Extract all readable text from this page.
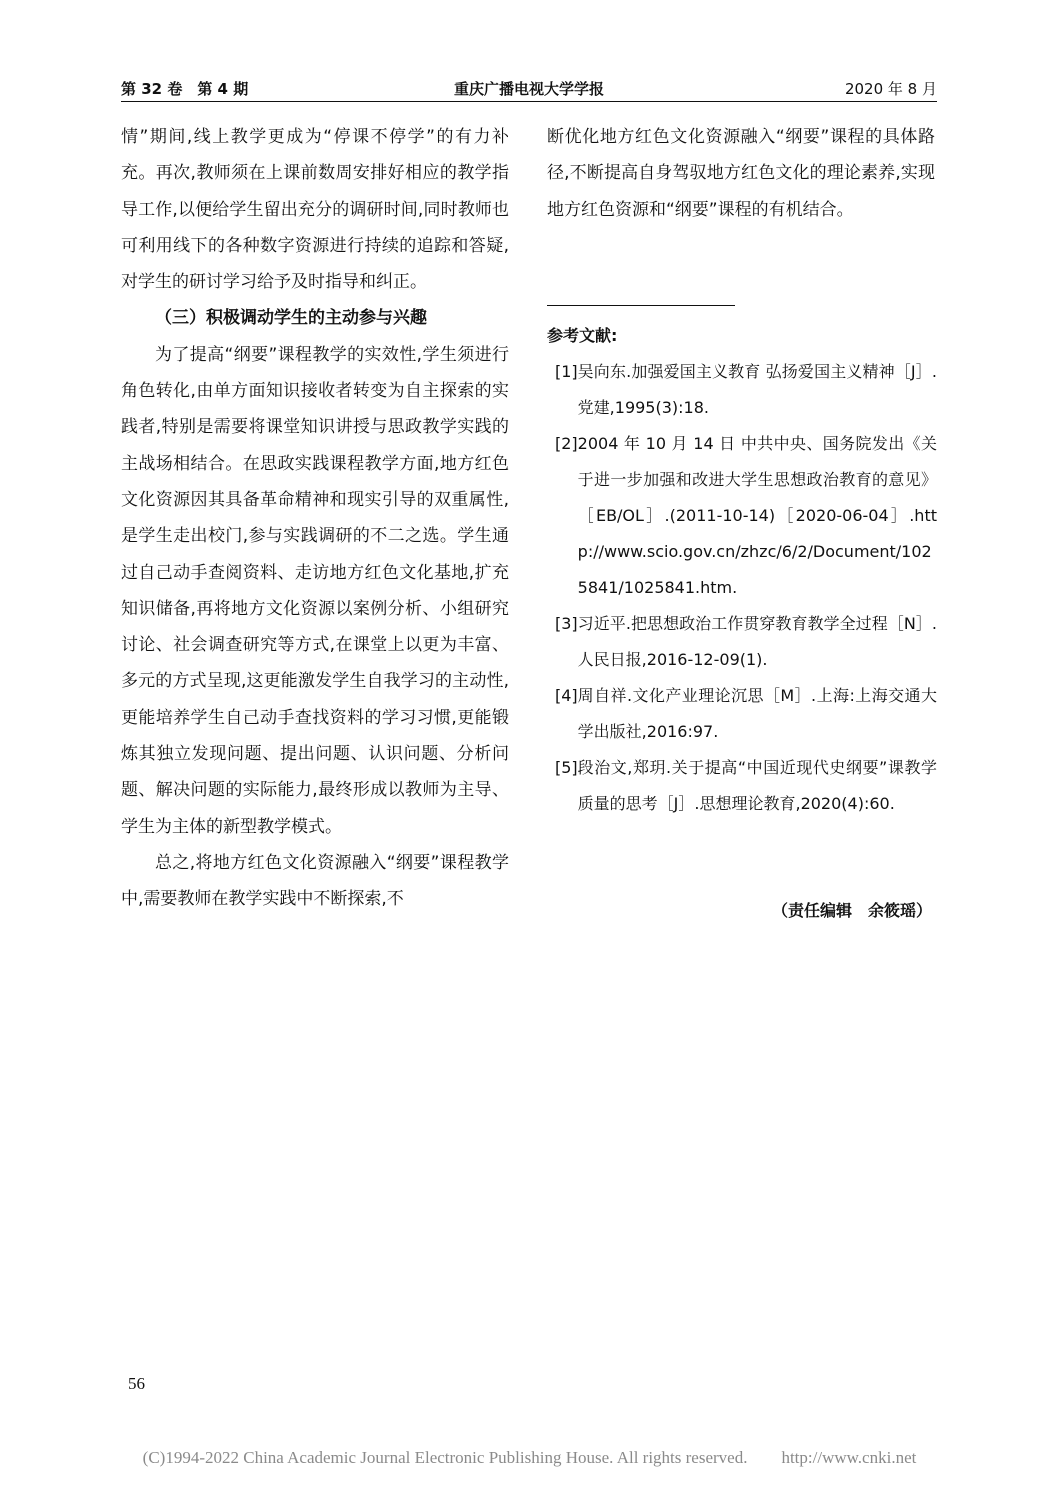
第 32 卷　第 4 期	重庆广播电视大学学报	2020 年 8 月

情”期间,线上教学更成为“停课不停学”的有力补充。再次,教师须在上课前数周安排好相应的教学指导工作,以便给学生留出充分的调研时间,同时教师也可利用线下的各种数字资源进行持续的追踪和答疑,对学生的研讨学习给予及时指导和纠正。

（三）积极调动学生的主动参与兴趣

为了提高“纲要”课程教学的实效性,学生须进行角色转化,由单方面知识接收者转变为自主探索的实践者,特别是需要将课堂知识讲授与思政教学实践的主战场相结合。在思政实践课程教学方面,地方红色文化资源因其具备革命精神和现实引导的双重属性,是学生走出校门,参与实践调研的不二之选。学生通过自己动手查阅资料、走访地方红色文化基地,扩充知识储备,再将地方文化资源以案例分析、小组研究讨论、社会调查研究等方式,在课堂上以更为丰富、多元的方式呈现,这更能激发学生自我学习的主动性,更能培养学生自己动手查找资料的学习习惯,更能锻炼其独立发现问题、提出问题、认识问题、分析问题、解决问题的实际能力,最终形成以教师为主导、学生为主体的新型教学模式。

总之,将地方红色文化资源融入“纲要”课程教学中,需要教师在教学实践中不断探索,不

断优化地方红色文化资源融入“纲要”课程的具体路径,不断提高自身驾驭地方红色文化的理论素养,实现地方红色资源和“纲要”课程的有机结合。

参考文献:
[1] 吴向东.加强爱国主义教育 弘扬爱国主义精神［J］.党建,1995(3):18.
[2] 2004 年 10 月 14 日 中共中央、国务院发出《关于进一步加强和改进大学生思想政治教育的意见》［EB/OL］.(2011-10-14)［2020-06-04］.http://www.scio.gov.cn/zhzc/6/2/Document/1025841/1025841.htm.
[3] 习近平.把思想政治工作贯穿教育教学全过程［N］.人民日报,2016-12-09(1).
[4] 周自祥.文化产业理论沉思［M］.上海:上海交通大学出版社,2016:97.
[5] 段治文,郑玥.关于提高“中国近现代史纲要”课教学质量的思考［J］.思想理论教育,2020(4):60.
（责任编辑　余筱瑶）
56
(C)1994-2022 China Academic Journal Electronic Publishing House. All rights reserved.　　http://www.cnki.net
